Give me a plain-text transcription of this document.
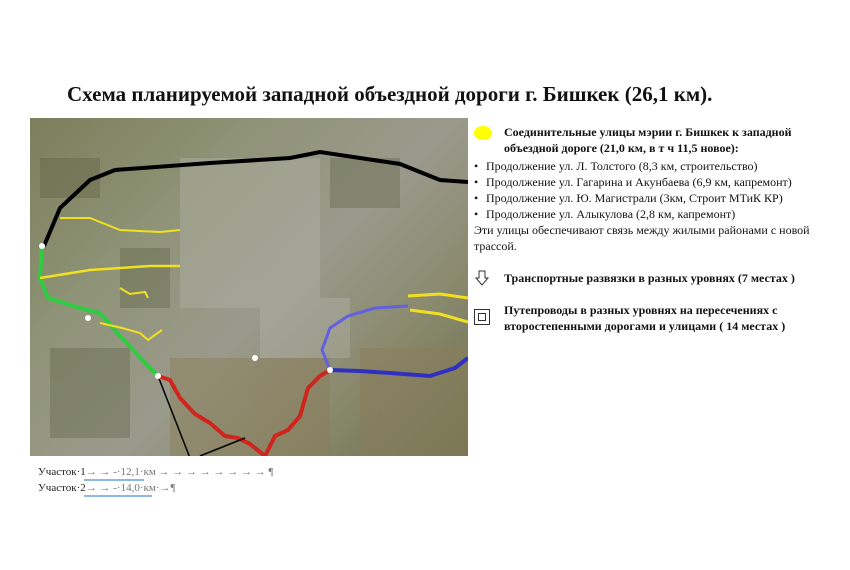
Схема планируемой западной объездной дороги г. Бишкек (26,1 км).
Соединительные улицы мэрии г. Бишкек к западной объездной дороге (21,0 км, в т ч 11,5 новое):
• Продолжение ул. Л. Толстого (8,3 км, строительство)
• Продолжение ул. Гагарина и Акунбаева (6,9 км, капремонт)
• Продолжение ул. Ю. Магистрали (3км, Строит МТиК КР)
• Продолжение ул. Алыкулова (2,8 км, капремонт)
Эти улицы обеспечивают связь между жилыми районами с новой трассой.
Транспортные развязки в разных уровнях (7 местах )
Путепроводы в разных уровнях на пересечениях с второстепенными дорогами и улицами ( 14 местах )
Участок·1→ → -·12,1·км → → → → → → → → ¶
Участок·2→ → -·14,0·км·→¶
